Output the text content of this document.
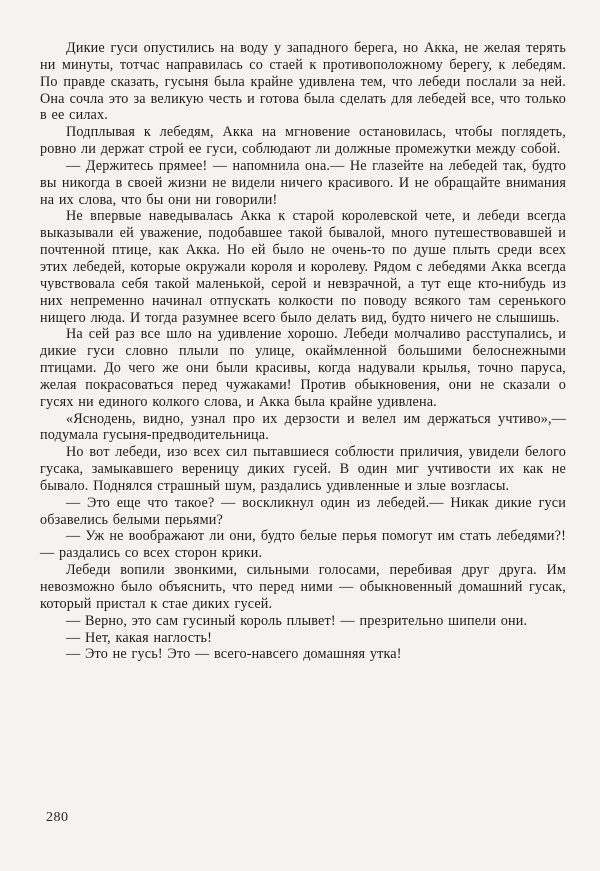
Дикие гуси опустились на воду у западного берега, но Акка, не желая терять ни минуты, тотчас направилась со стаей к противоположному берегу, к лебедям. По правде сказать, гусыня была крайне удивлена тем, что лебеди послали за ней. Она сочла это за великую честь и готова была сделать для лебедей все, что только в ее силах.

Подплывая к лебедям, Акка на мгновение остановилась, чтобы поглядеть, ровно ли держат строй ее гуси, соблюдают ли должные промежутки между собой.

— Держитесь прямее! — напомнила она.— Не глазейте на лебедей так, будто вы никогда в своей жизни не видели ничего красивого. И не обращайте внимания на их слова, что бы они ни говорили!

Не впервые наведывалась Акка к старой королевской чете, и лебеди всегда выказывали ей уважение, подобавшее такой бывалой, много путешествовавшей и почтенной птице, как Акка. Но ей было не очень-то по душе плыть среди всех этих лебедей, которые окружали короля и королеву. Рядом с лебедями Акка всегда чувствовала себя такой маленькой, серой и невзрачной, а тут еще кто-нибудь из них непременно начинал отпускать колкости по поводу всякого там серенького нищего люда. И тогда разумнее всего было делать вид, будто ничего не слышишь.

На сей раз все шло на удивление хорошо. Лебеди молчаливо расступались, и дикие гуси словно плыли по улице, окаймленной большими белоснежными птицами. До чего же они были красивы, когда надували крылья, точно паруса, желая покрасоваться перед чужаками! Против обыкновения, они не сказали о гусях ни единого колкого слова, и Акка была крайне удивлена.

«Яснодень, видно, узнал про их дерзости и велел им держаться учтиво»,— подумала гусыня-предводительница.

Но вот лебеди, изо всех сил пытавшиеся соблюсти приличия, увидели белого гусака, замыкавшего вереницу диких гусей. В один миг учтивости их как не бывало. Поднялся страшный шум, раздались удивленные и злые возгласы.

— Это еще что такое? — воскликнул один из лебедей.— Никак дикие гуси обзавелись белыми перьями?

— Уж не воображают ли они, будто белые перья помогут им стать лебедями?! — раздались со всех сторон крики.

Лебеди вопили звонкими, сильными голосами, перебивая друг друга. Им невозможно было объяснить, что перед ними — обыкновенный домашний гусак, который пристал к стае диких гусей.

— Верно, это сам гусиный король плывет! — презрительно шипели они.

— Нет, какая наглость!

— Это не гусь! Это — всего-навсего домашняя утка!

280
